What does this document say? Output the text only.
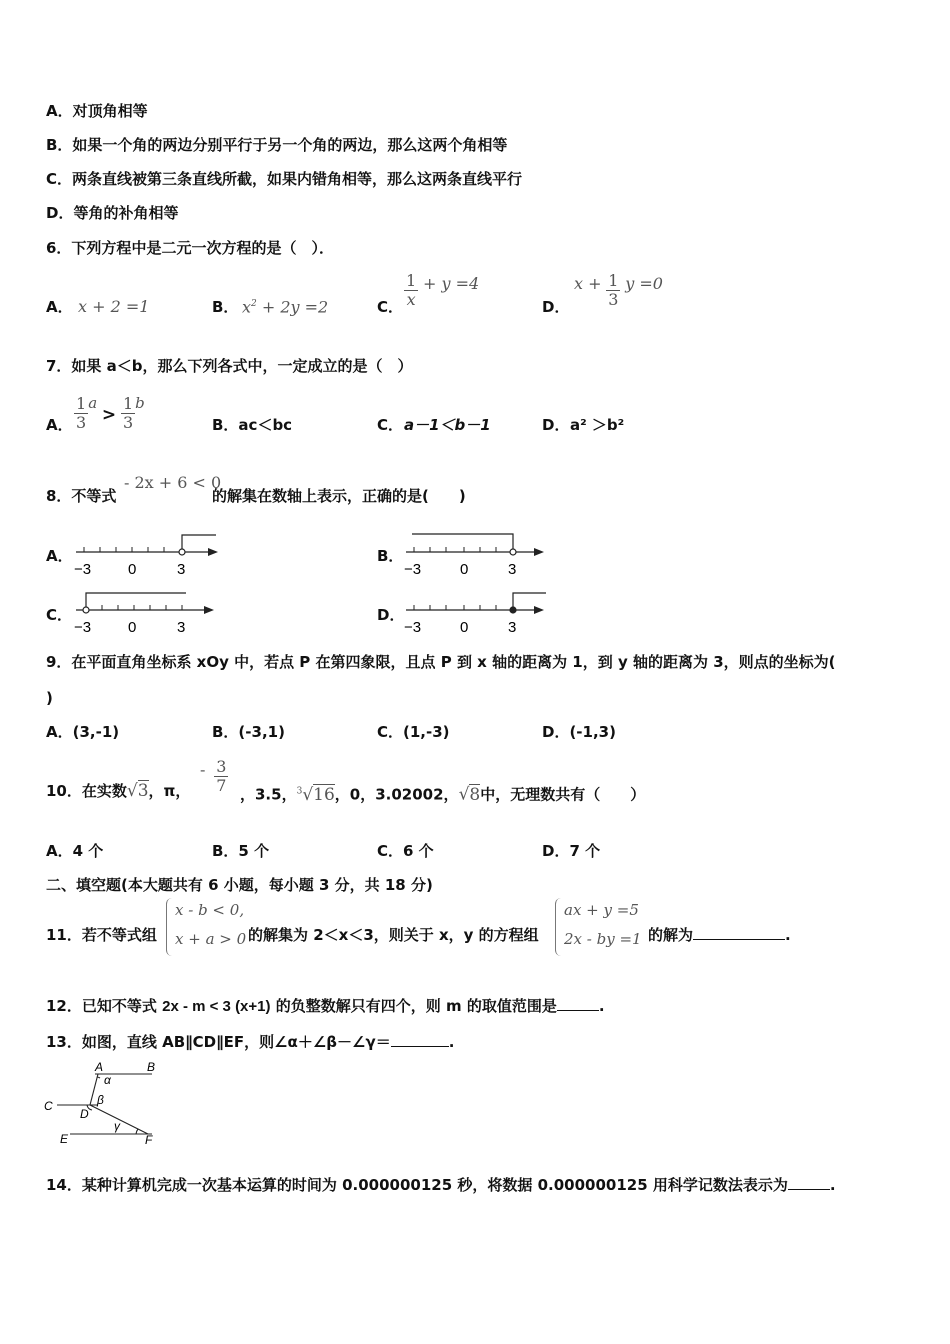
A．对顶角相等
B．如果一个角的两边分别平行于另一个角的两边，那么这两个角相等
C．两条直线被第三条直线所截，如果内错角相等，那么这两条直线平行
D．等角的补角相等
6．下列方程中是二元一次方程的是（　）．
A． x + 2 =1	B． $x^2 + 2y =2$	C． $\frac{1}{x} + y =4$
D．
$x + \frac{1}{3}$ y =0
7．如果 a＜b，那么下列各式中，一定成立的是（　）
A． $\frac{1}{3}$ $a > \frac{1}{3}$ b
B．ac＜bc	C． a－1＜b－1	D． a² ＞b²
8．不等式
- 2x + 6 < 0
的解集在数轴上表示，正确的是(　　)
A．	B．
C．	D．
−3 0	3	−3	0	3
−3 0	3	−3	0	3
9．在平面直角坐标系 xOy 中，若点 P 在第四象限，且点 P 到 x 轴的距离为 1，到 y 轴的距离为 3，则点的坐标为(
)
A．(3,-1)	B．(-3,1)	C．(1,-3)	D．(-1,3)
10．在实数√3，π，
- $\frac{3}{7}$ ，3.5，$^3$√16，0，3.02002，√8中，无理数共有（　　）
A．4 个	B．5 个	C．6 个	D．7 个
二、填空题(本大题共有 6 小题，每小题 3 分，共 18 分)
11．若不等式组
x - b < 0,
x + a > 0 的解集为 2＜x＜3，则关于 x，y 的方程组
ax + y =5
2x - by =1 的解为	.
12．已知不等式 2x - m < 3 (x+1) 的负整数解只有四个，则 m 的取值范围是	.
13．如图，直线 AB∥CD∥EF，则∠α＋∠β－∠γ＝	.
A	B
C
D
E	F
α
β
γ
14．某种计算机完成一次基本运算的时间为 0.000000125 秒，将数据 0.000000125 用科学记数法表示为	.
